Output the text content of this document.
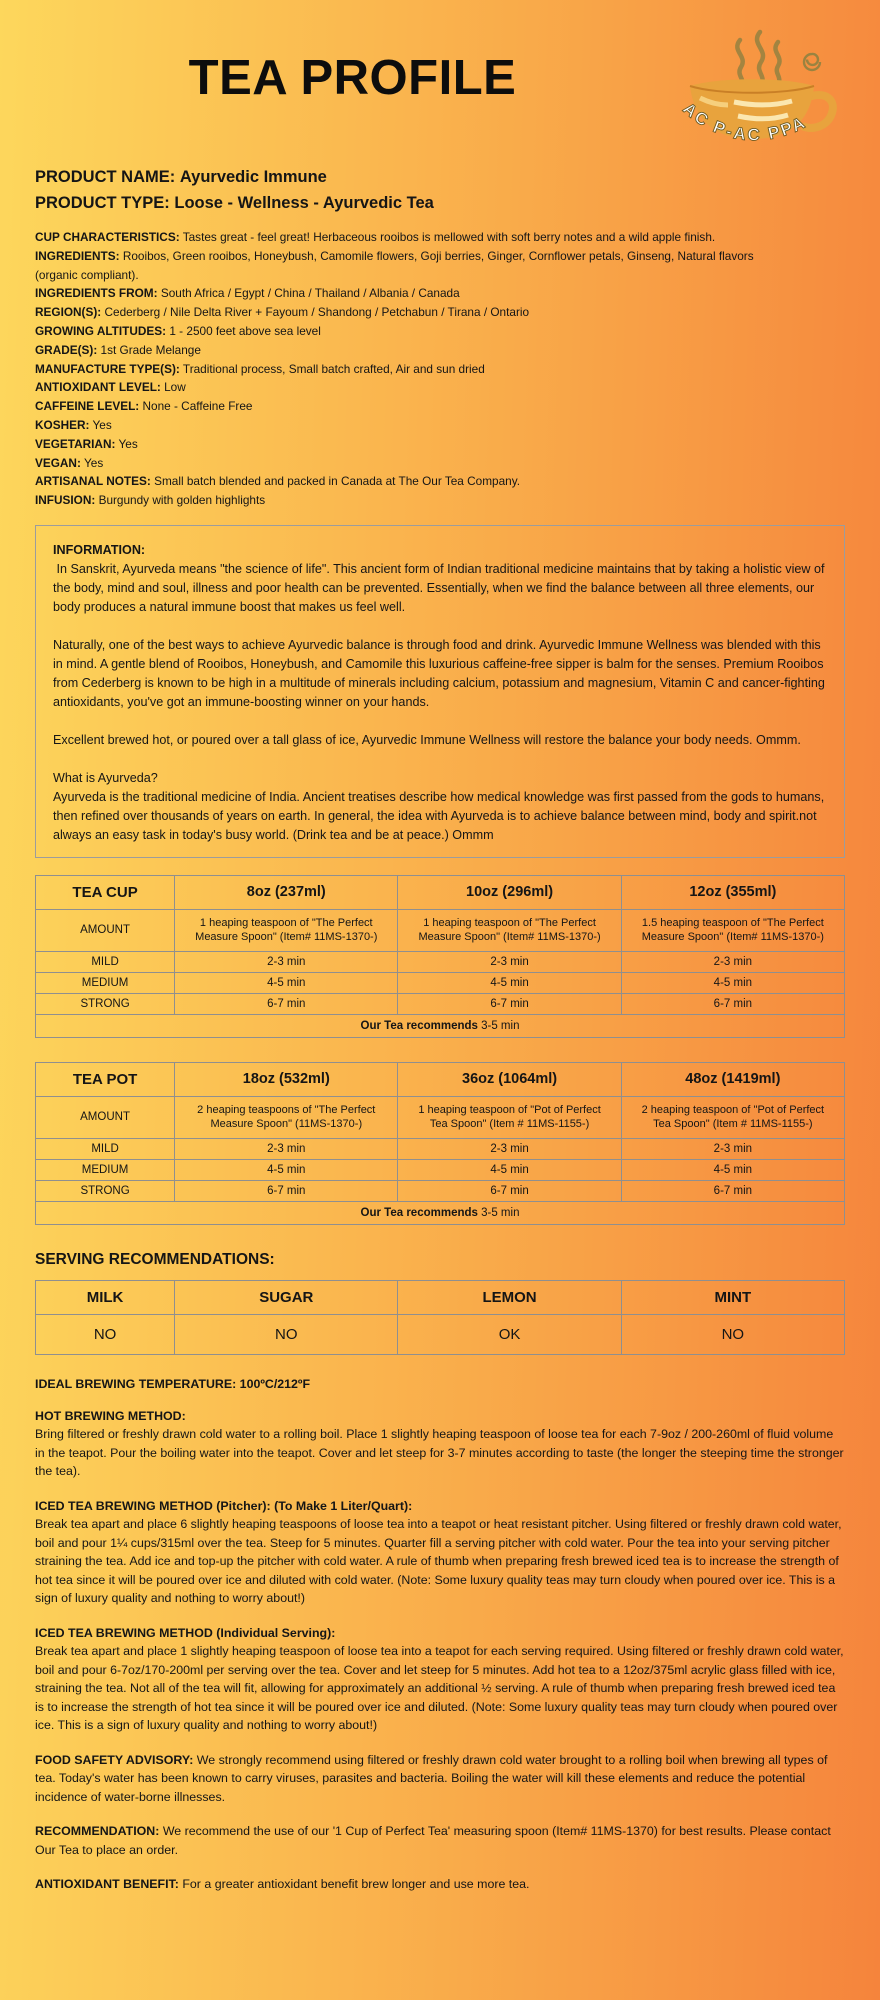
TEA PROFILE
AC P-AC PPA

PRODUCT NAME: Ayurvedic Immune

PRODUCT TYPE: Loose - Wellness - Ayurvedic Tea

CUP CHARACTERISTICS: Tastes great - feel great! Herbaceous rooibos is mellowed with soft berry notes and a wild apple finish.

INGREDIENTS: Rooibos, Green rooibos, Honeybush, Camomile flowers, Goji berries, Ginger, Cornflower petals, Ginseng, Natural flavors

(organic compliant).

INGREDIENTS FROM: South Africa / Egypt / China / Thailand / Albania / Canada

REGION(S): Cederberg / Nile Delta River + Fayoum / Shandong / Petchabun / Tirana / Ontario

GROWING ALTITUDES: 1 - 2500 feet above sea level

GRADE(S): 1st Grade Melange

MANUFACTURE TYPE(S): Traditional process, Small batch crafted, Air and sun dried

ANTIOXIDANT LEVEL: Low

CAFFEINE LEVEL: None - Caffeine Free

KOSHER: Yes

VEGETARIAN: Yes

VEGAN: Yes

ARTISANAL NOTES: Small batch blended and packed in Canada at The Our Tea Company.

INFUSION: Burgundy with golden highlights

INFORMATION:

In Sanskrit, Ayurveda means "the science of life". This ancient form of Indian traditional medicine maintains that by taking a holistic view of the body, mind and soul, illness and poor health can be prevented. Essentially, when we find the balance between all three elements, our body produces a natural immune boost that makes us feel well.

Naturally, one of the best ways to achieve Ayurvedic balance is through food and drink. Ayurvedic Immune Wellness was blended with this in mind. A gentle blend of Rooibos, Honeybush, and Camomile this luxurious caffeine-free sipper is balm for the senses. Premium Rooibos from Cederberg is known to be high in a multitude of minerals including calcium, potassium and magnesium, Vitamin C and cancer-fighting antioxidants, you've got an immune-boosting winner on your hands.

Excellent brewed hot, or poured over a tall glass of ice, Ayurvedic Immune Wellness will restore the balance your body needs. Ommm.

What is Ayurveda?

Ayurveda is the traditional medicine of India. Ancient treatises describe how medical knowledge was first passed from the gods to humans, then refined over thousands of years on earth. In general, the idea with Ayurveda is to achieve balance between mind, body and spirit.not always an easy task in today's busy world. (Drink tea and be at peace.) Ommm

TEA CUP	8oz (237ml)	10oz (296ml)	12oz (355ml)
AMOUNT	1 heaping teaspoon of "The Perfect Measure Spoon" (Item# 11MS-1370-)	1 heaping teaspoon of "The Perfect Measure Spoon" (Item# 11MS-1370-)	1.5 heaping teaspoon of "The Perfect Measure Spoon" (Item# 11MS-1370-)
MILD	2-3 min	2-3 min	2-3 min
MEDIUM	4-5 min	4-5 min	4-5 min
STRONG	6-7 min	6-7 min	6-7 min
Our Tea recommends 3-5 min			
TEA POT	18oz (532ml)	36oz (1064ml)	48oz (1419ml)
AMOUNT	2 heaping teaspoons of "The Perfect Measure Spoon" (11MS-1370-)	1 heaping teaspoon of "Pot of Perfect Tea Spoon" (Item # 11MS-1155-)	2 heaping teaspoon of "Pot of Perfect Tea Spoon" (Item # 11MS-1155-)
MILD	2-3 min	2-3 min	2-3 min
MEDIUM	4-5 min	4-5 min	4-5 min
STRONG	6-7 min	6-7 min	6-7 min
Our Tea recommends 3-5 min			
SERVING RECOMMENDATIONS:
MILK	SUGAR	LEMON	MINT
NO	NO	OK	NO

IDEAL BREWING TEMPERATURE: 100ºC/212ºF

HOT BREWING METHOD:

Bring filtered or freshly drawn cold water to a rolling boil. Place 1 slightly heaping teaspoon of loose tea for each 7-9oz / 200-260ml of fluid volume in the teapot. Pour the boiling water into the teapot. Cover and let steep for 3-7 minutes according to taste (the longer the steeping time the stronger the tea).

ICED TEA BREWING METHOD (Pitcher): (To Make 1 Liter/Quart):

Break tea apart and place 6 slightly heaping teaspoons of loose tea into a teapot or heat resistant pitcher. Using filtered or freshly drawn cold water, boil and pour 1¼ cups/315ml over the tea. Steep for 5 minutes. Quarter fill a serving pitcher with cold water. Pour the tea into your serving pitcher straining the tea. Add ice and top-up the pitcher with cold water. A rule of thumb when preparing fresh brewed iced tea is to increase the strength of hot tea since it will be poured over ice and diluted with cold water. (Note: Some luxury quality teas may turn cloudy when poured over ice. This is a sign of luxury quality and nothing to worry about!)

ICED TEA BREWING METHOD (Individual Serving):

Break tea apart and place 1 slightly heaping teaspoon of loose tea into a teapot for each serving required. Using filtered or freshly drawn cold water, boil and pour 6-7oz/170-200ml per serving over the tea. Cover and let steep for 5 minutes. Add hot tea to a 12oz/375ml acrylic glass filled with ice, straining the tea. Not all of the tea will fit, allowing for approximately an additional ½ serving. A rule of thumb when preparing fresh brewed iced tea is to increase the strength of hot tea since it will be poured over ice and diluted. (Note: Some luxury quality teas may turn cloudy when poured over ice. This is a sign of luxury quality and nothing to worry about!)

FOOD SAFETY ADVISORY: We strongly recommend using filtered or freshly drawn cold water brought to a rolling boil when brewing all types of tea. Today's water has been known to carry viruses, parasites and bacteria. Boiling the water will kill these elements and reduce the potential incidence of water-borne illnesses.

RECOMMENDATION: We recommend the use of our '1 Cup of Perfect Tea' measuring spoon (Item# 11MS-1370) for best results. Please contact Our Tea to place an order.

ANTIOXIDANT BENEFIT: For a greater antioxidant benefit brew longer and use more tea.
